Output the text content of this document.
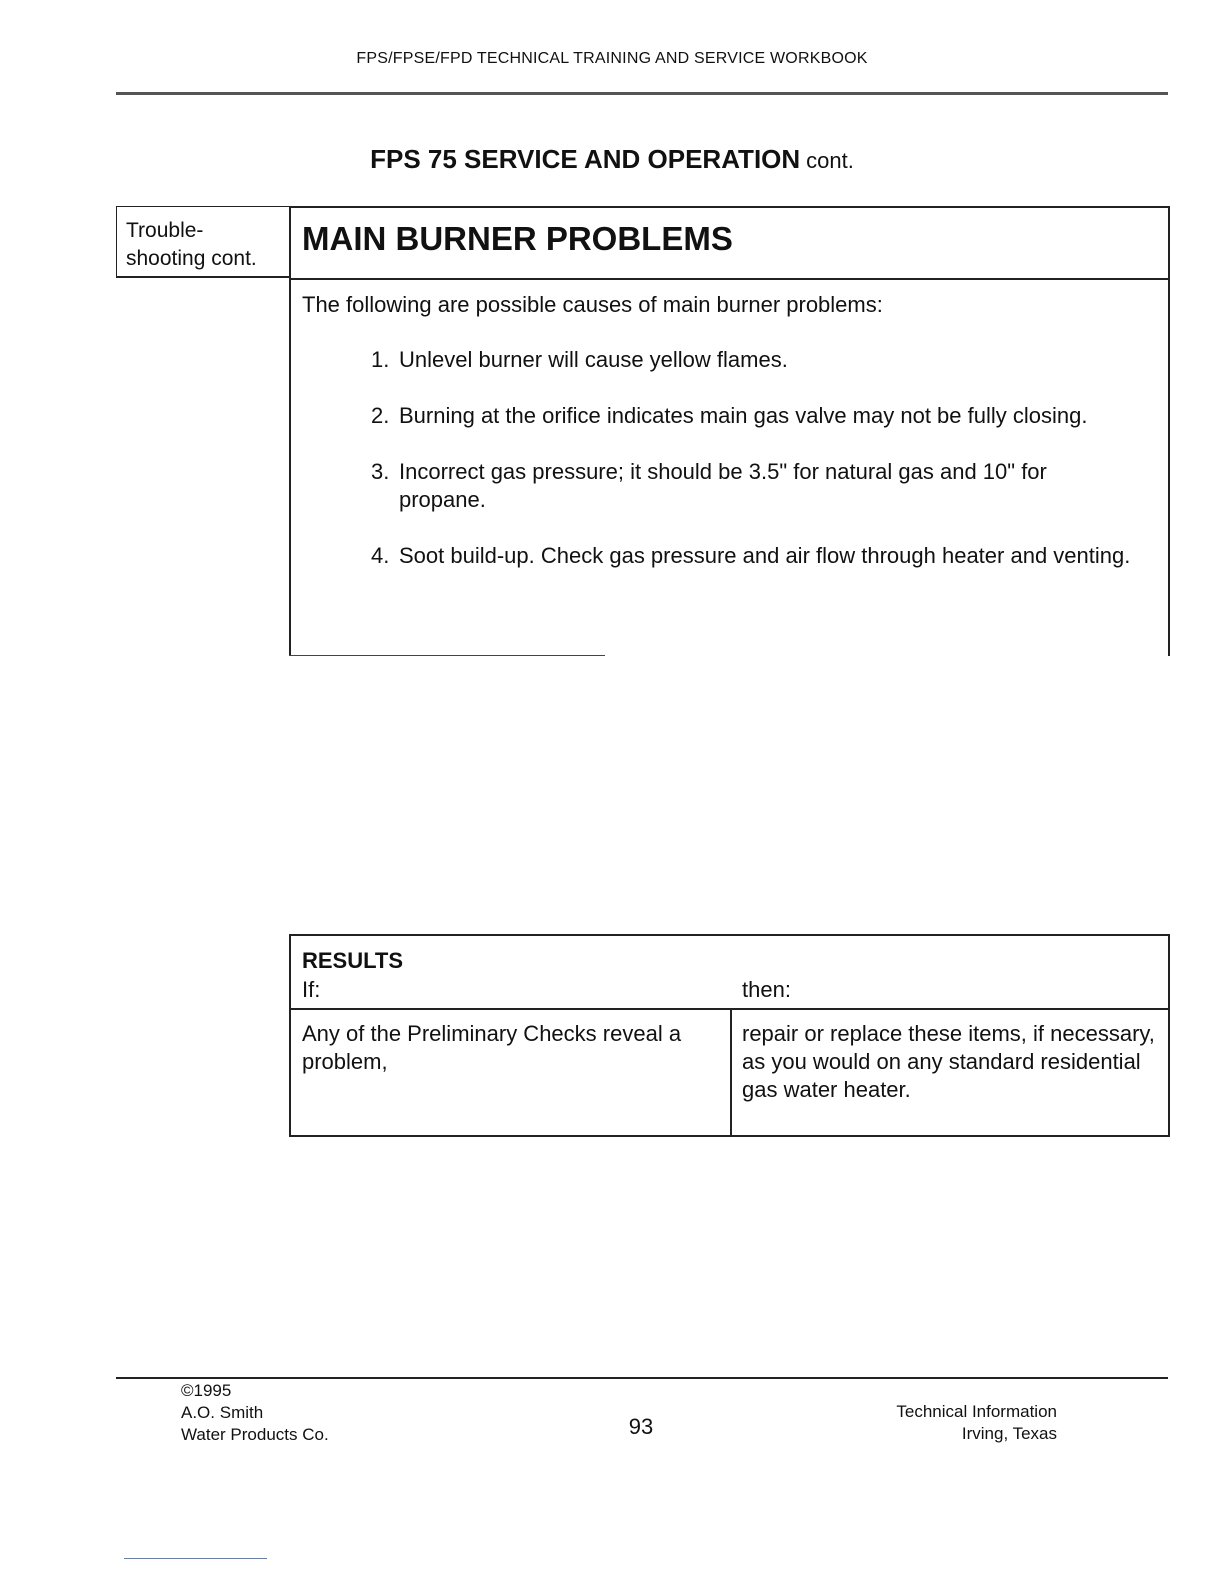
FPS/FPSE/FPD TECHNICAL TRAINING AND SERVICE WORKBOOK
FPS 75 SERVICE AND OPERATION cont.
Trouble-
shooting cont.
MAIN BURNER PROBLEMS
The following are possible causes of main burner problems:
1. Unlevel burner will cause yellow flames.
2. Burning at the orifice indicates main gas valve may not be fully closing.
3. Incorrect gas pressure; it should be 3.5" for natural gas and 10" for propane.
4. Soot build-up. Check gas pressure and air flow through heater and venting.
RESULTS
If:	then:
Any of the Preliminary Checks reveal a problem,
repair or replace these items, if necessary, as you would on any standard residential gas water heater.
©1995
A.O. Smith
Water Products Co.	93
Technical Information
Irving, Texas
